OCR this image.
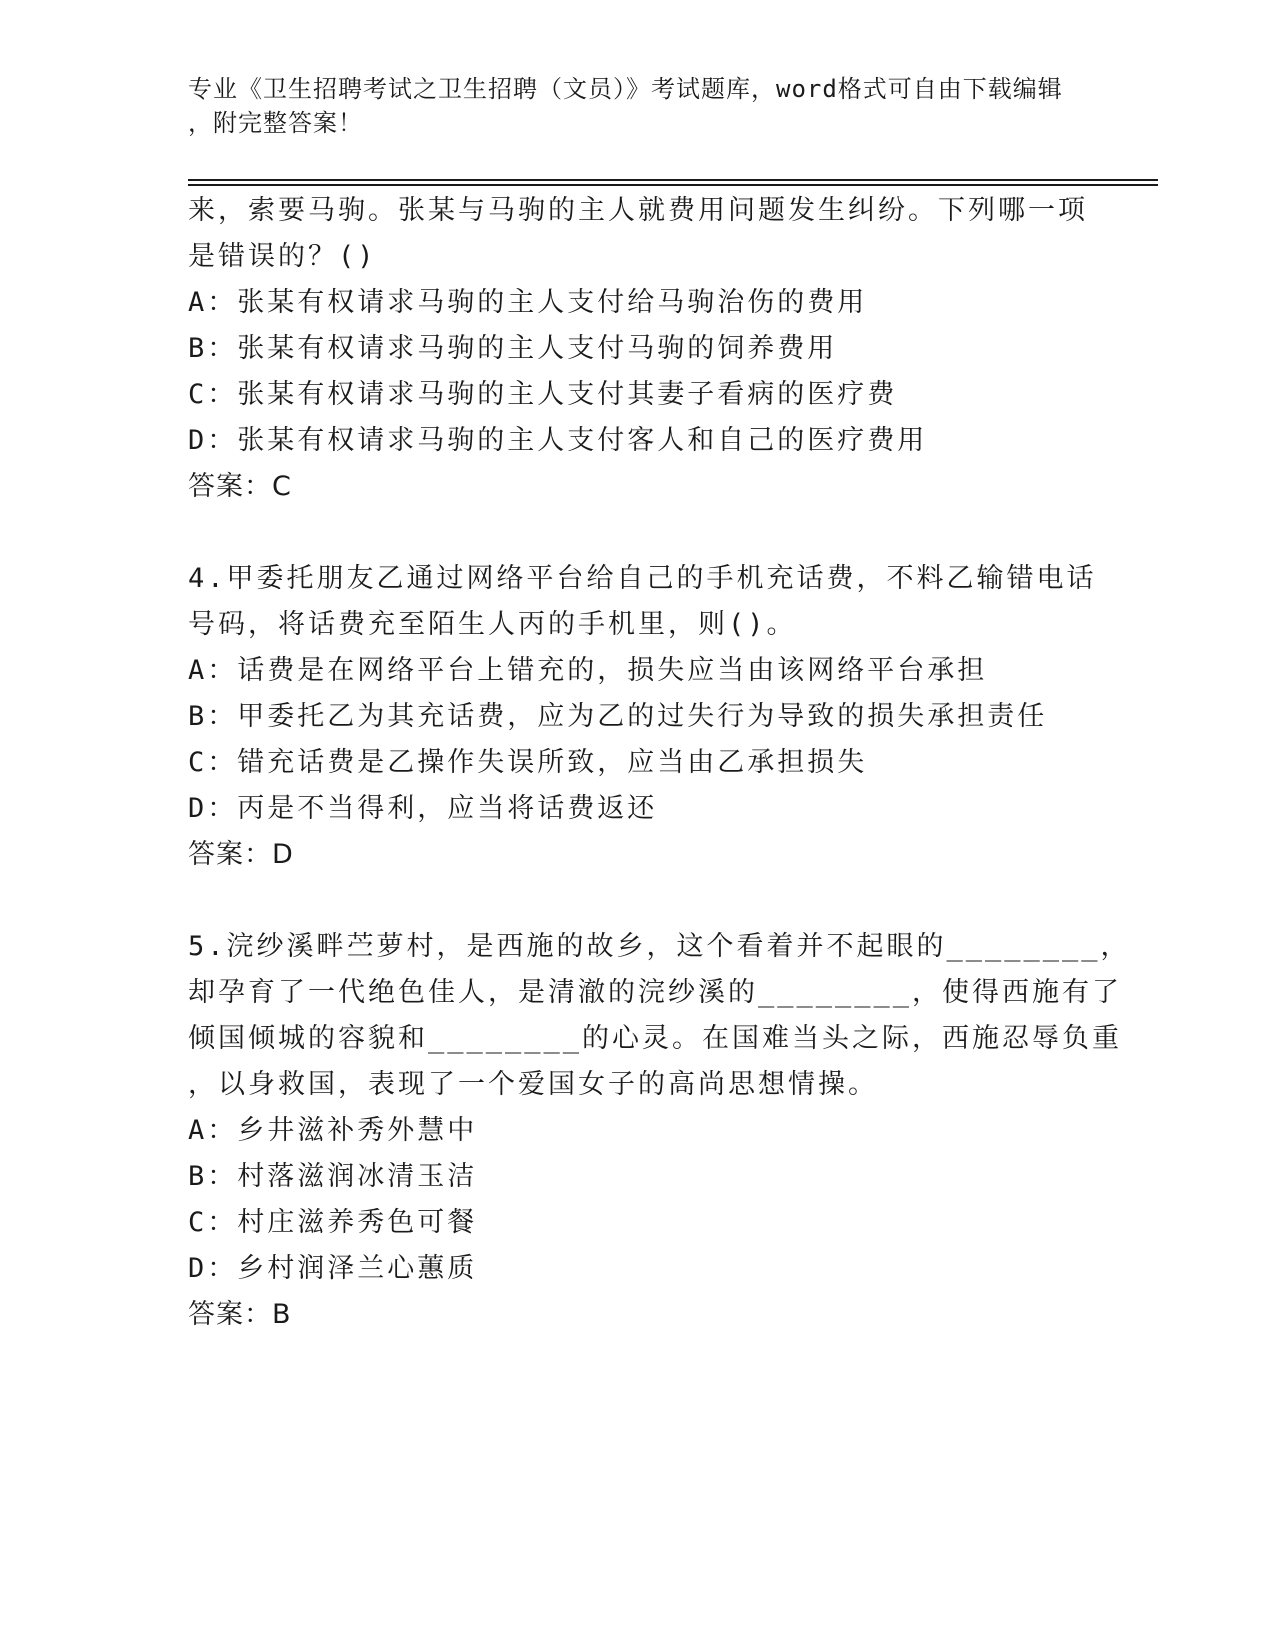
专业《卫生招聘考试之卫生招聘（文员）》考试题库，word格式可自由下载编辑
，附完整答案！
来，索要马驹。张某与马驹的主人就费用问题发生纠纷。下列哪一项
是错误的？()
A：张某有权请求马驹的主人支付给马驹治伤的费用
B：张某有权请求马驹的主人支付马驹的饲养费用
C：张某有权请求马驹的主人支付其妻子看病的医疗费
D：张某有权请求马驹的主人支付客人和自己的医疗费用
答案：C
4.甲委托朋友乙通过网络平台给自己的手机充话费，不料乙输错电话
号码，将话费充至陌生人丙的手机里，则()。
A：话费是在网络平台上错充的，损失应当由该网络平台承担
B：甲委托乙为其充话费，应为乙的过失行为导致的损失承担责任
C：错充话费是乙操作失误所致，应当由乙承担损失
D：丙是不当得利，应当将话费返还
答案：D
5.浣纱溪畔苎萝村，是西施的故乡，这个看着并不起眼的________，
却孕育了一代绝色佳人，是清澈的浣纱溪的________，使得西施有了
倾国倾城的容貌和________的心灵。在国难当头之际，西施忍辱负重
，以身救国，表现了一个爱国女子的高尚思想情操。
A：乡井滋补秀外慧中
B：村落滋润冰清玉洁
C：村庄滋养秀色可餐
D：乡村润泽兰心蕙质
答案：B
